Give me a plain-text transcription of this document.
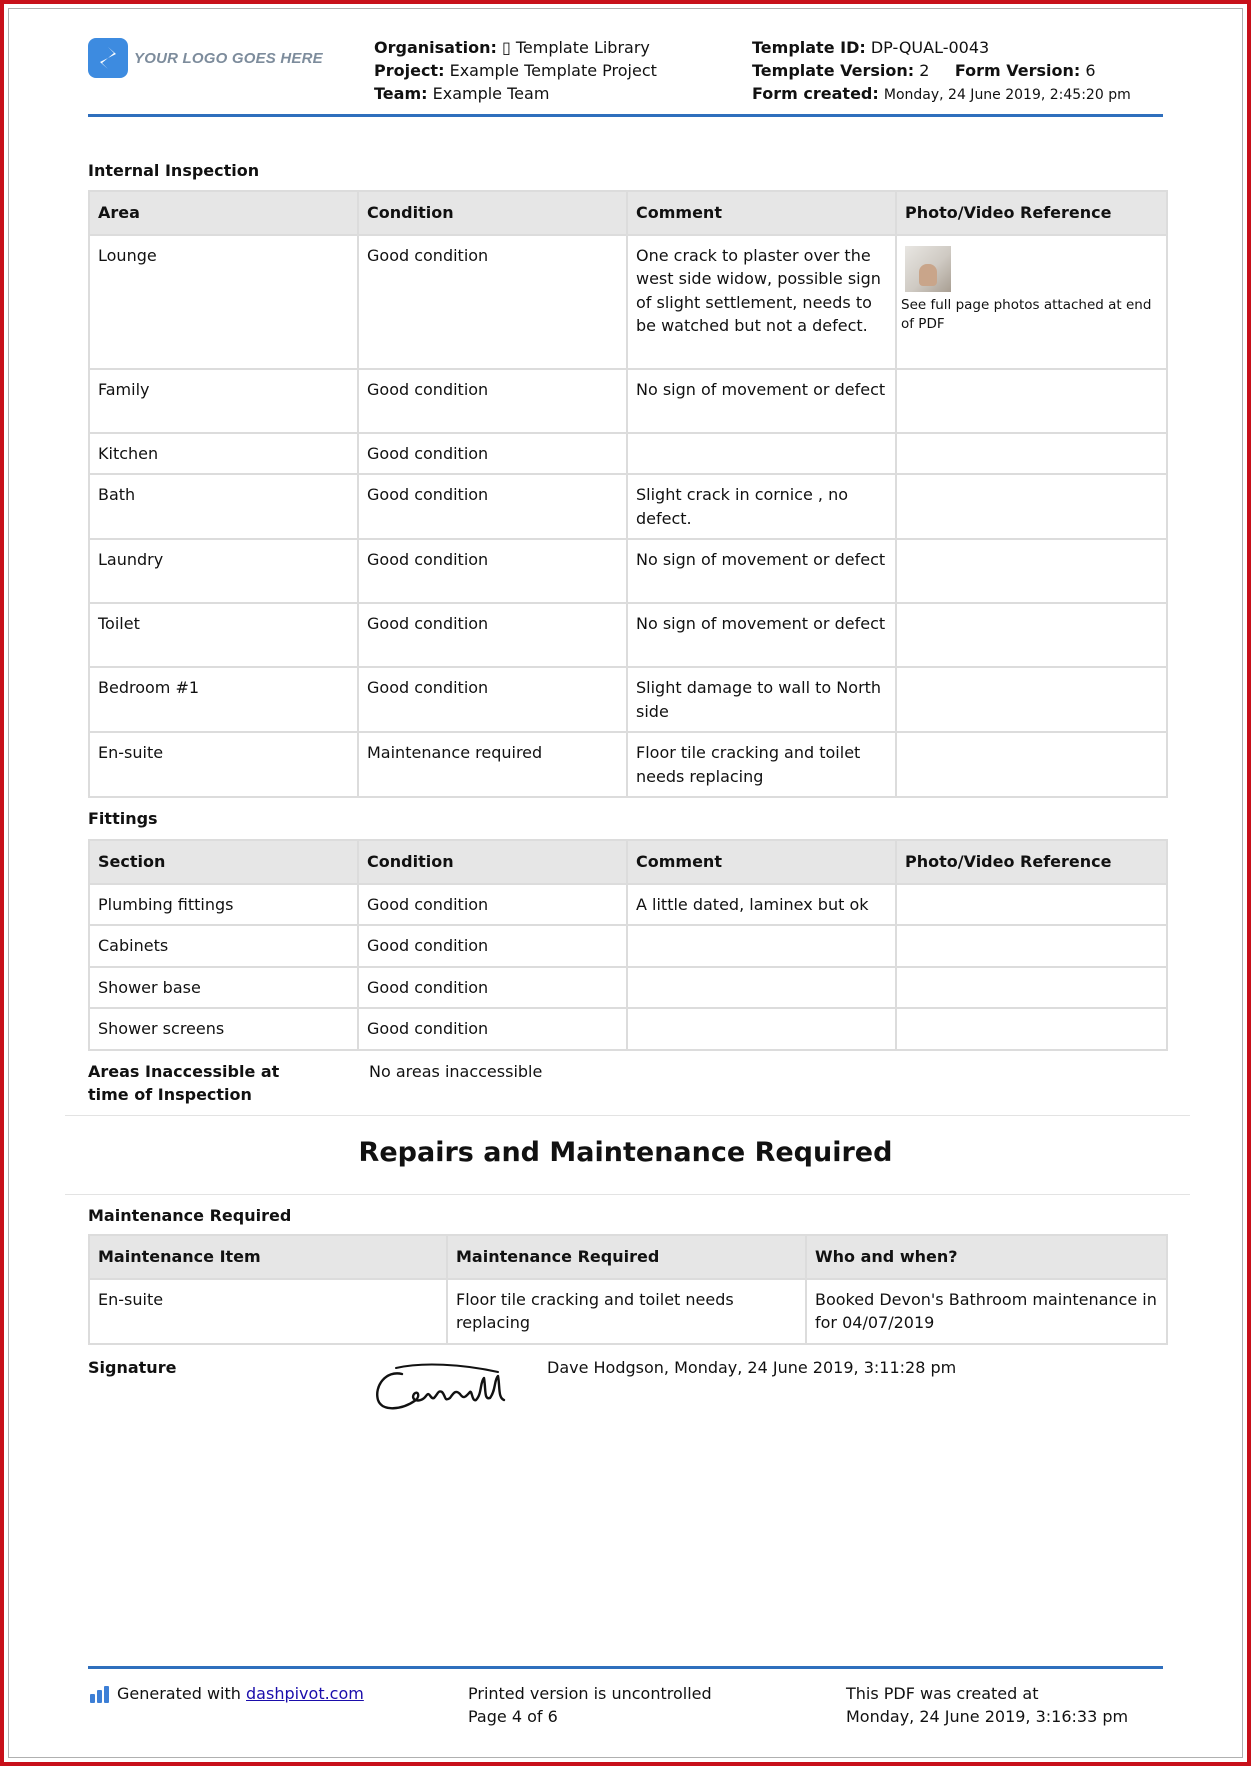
YOUR LOGO GOES HERE
Organisation: ▯ Template Library
Project: Example Template Project
Team: Example Team
Template ID: DP-QUAL-0043
Template Version: 2 Form Version: 6
Form created: Monday, 24 June 2019, 2:45:20 pm
Internal Inspection
Area	Condition	Comment	Photo/Video Reference
Lounge	Good condition	One crack to plaster over the west side widow, possible sign of slight settlement, needs to be watched but not a defect.	See full page photos attached at end of PDF

Family	Good condition	No sign of movement or defect	
Kitchen	Good condition		
Bath	Good condition	Slight crack in cornice , no defect.	
Laundry	Good condition	No sign of movement or defect	
Toilet	Good condition	No sign of movement or defect	
Bedroom #1	Good condition	Slight damage to wall to North side	
En-suite	Maintenance required	Floor tile cracking and toilet needs replacing	
Fittings
Section	Condition	Comment	Photo/Video Reference
Plumbing fittings	Good condition	A little dated, laminex but ok	
Cabinets	Good condition		
Shower base	Good condition		
Shower screens	Good condition		
Areas Inaccessible at time of Inspection
No areas inaccessible
Repairs and Maintenance Required
Maintenance Required
Maintenance Item	Maintenance Required	Who and when?
En-suite	Floor tile cracking and toilet needs replacing	Booked Devon's Bathroom maintenance in for 04/07/2019
Signature	Dave Hodgson, Monday, 24 June 2019, 3:11:28 pm
Generated with
dashpivot.com	Printed version is uncontrolled
Page 4 of 6
This PDF was created at
Monday, 24 June 2019, 3:16:33 pm
